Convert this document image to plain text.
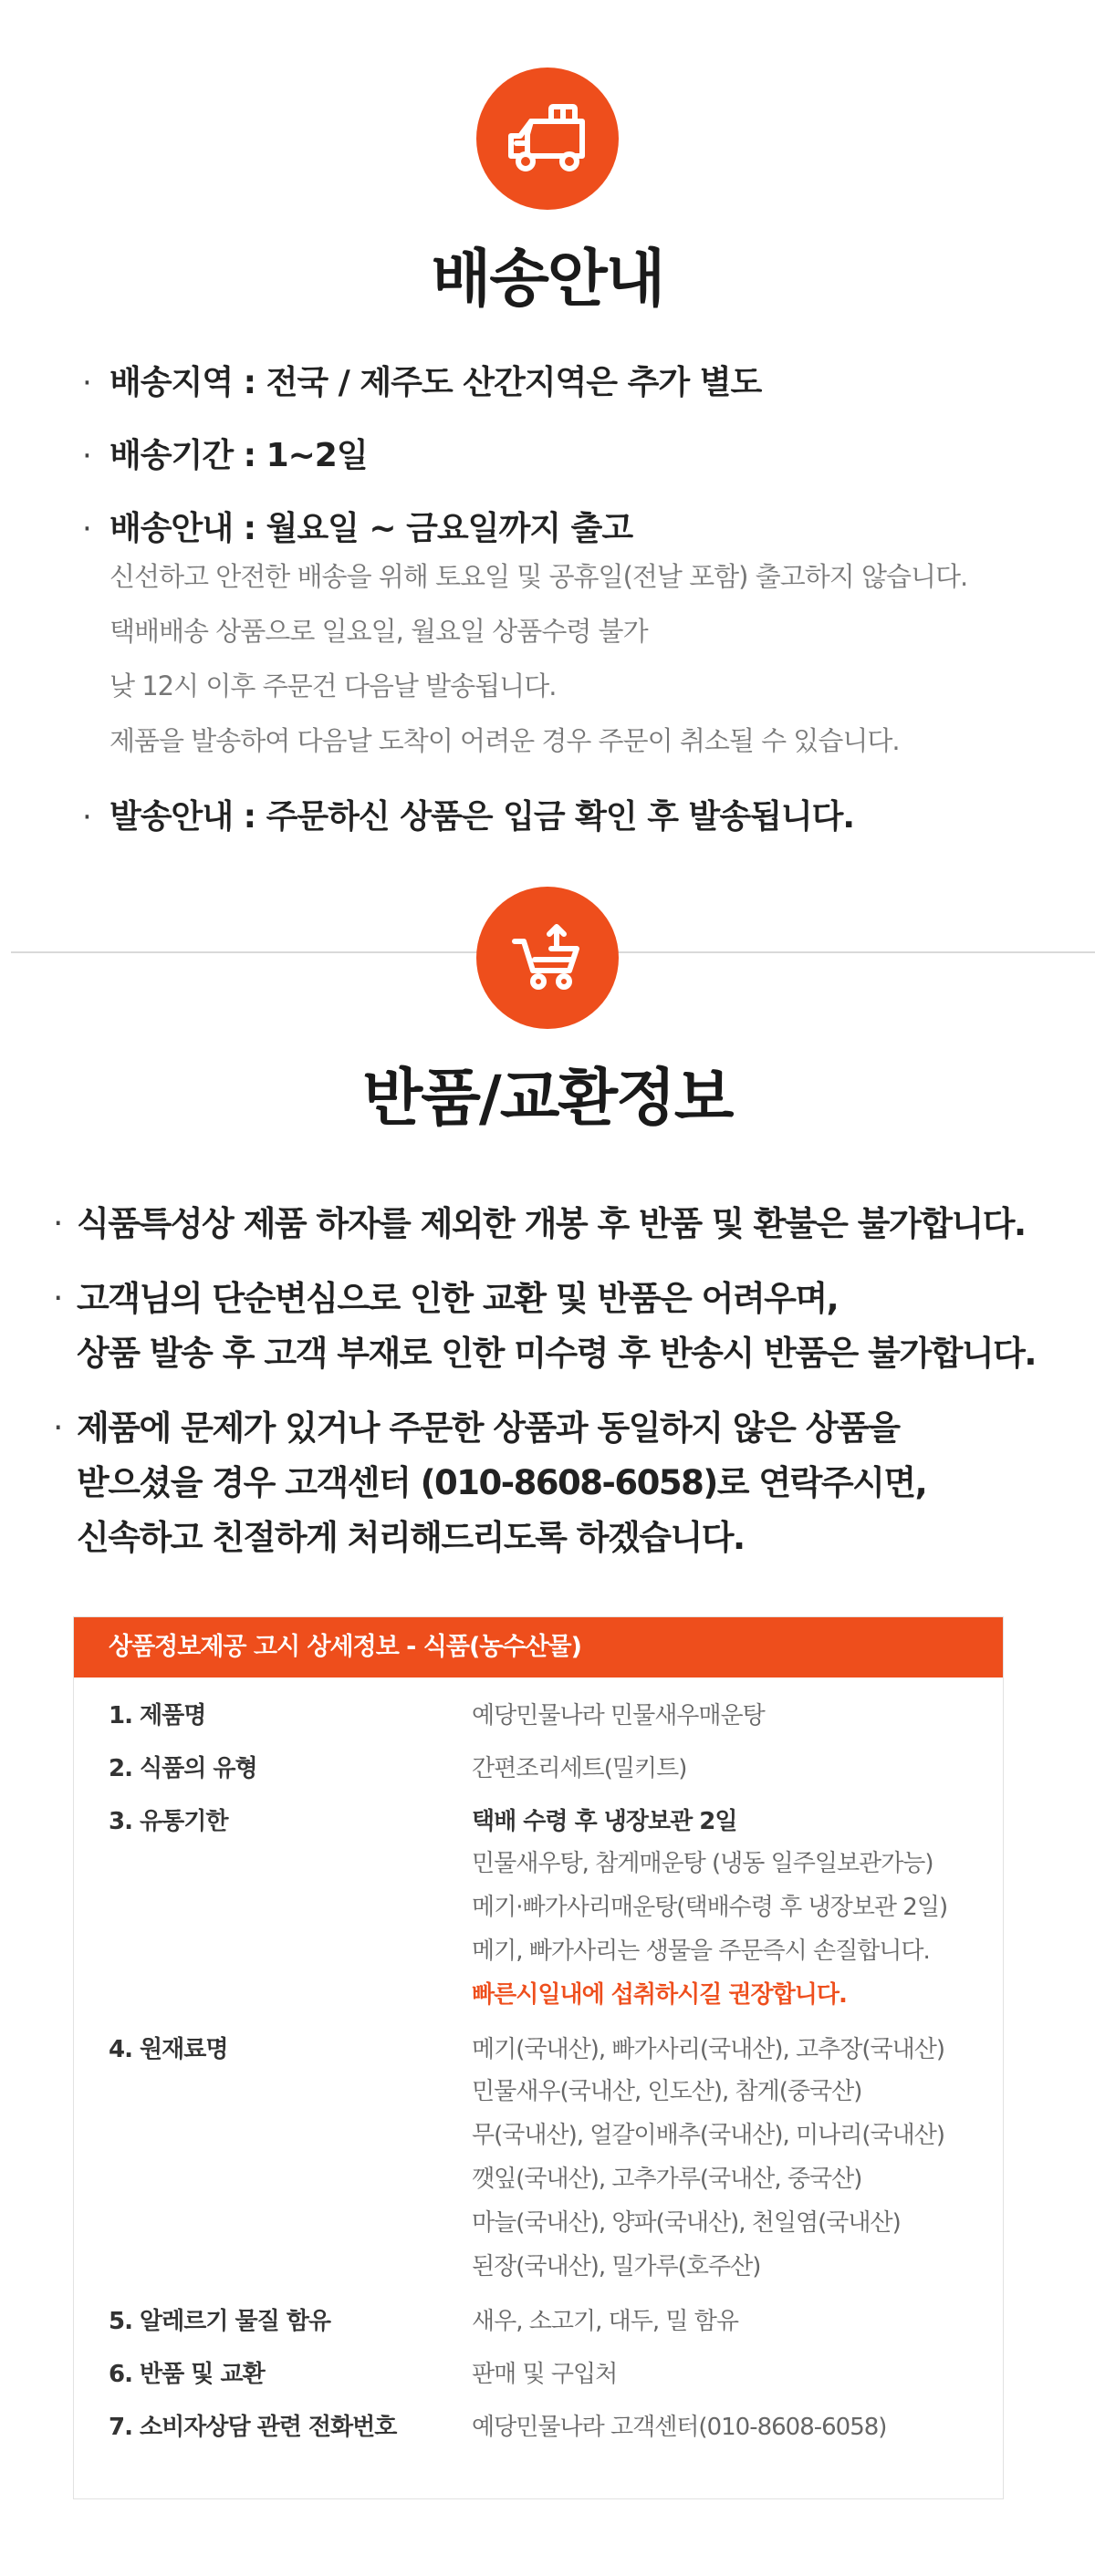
배송안내
· 배송지역 : 전국 / 제주도 산간지역은 추가 별도

· 배송기간 : 1~2일

· 배송안내 : 월요일 ~ 금요일까지 출고

신선하고 안전한 배송을 위해 토요일 및 공휴일(전날 포함) 출고하지 않습니다.

택배배송 상품으로 일요일, 월요일 상품수령 불가

낮 12시 이후 주문건 다음날 발송됩니다.

제품을 발송하여 다음날 도착이 어려운 경우 주문이 취소될 수 있습니다.

· 발송안내 : 주문하신 상품은 입금 확인 후 발송됩니다.

반품/교환정보
· 식품특성상 제품 하자를 제외한 개봉 후 반품 및 환불은 불가합니다.

· 고객님의 단순변심으로 인한 교환 및 반품은 어려우며,

상품 발송 후 고객 부재로 인한 미수령 후 반송시 반품은 불가합니다.

· 제품에 문제가 있거나 주문한 상품과 동일하지 않은 상품을

받으셨을 경우 고객센터 (010-8608-6058)로 연락주시면,

신속하고 친절하게 처리해드리도록 하겠습니다.

상품정보제공 고시 상세정보 - 식품(농수산물)
1. 제품명	예당민물나라 민물새우매운탕
2. 식품의 유형	간편조리세트(밀키트)
3. 유통기한	택배 수령 후 냉장보관 2일
민물새우탕, 참게매운탕 (냉동 일주일보관가능)
메기·빠가사리매운탕(택배수령 후 냉장보관 2일)
메기, 빠가사리는 생물을 주문즉시 손질합니다.
빠른시일내에 섭취하시길 권장합니다.
4. 원재료명	메기(국내산), 빠가사리(국내산), 고추장(국내산)
민물새우(국내산, 인도산), 참게(중국산)
무(국내산), 얼갈이배추(국내산), 미나리(국내산)
깻잎(국내산), 고추가루(국내산, 중국산)
마늘(국내산), 양파(국내산), 천일염(국내산)
된장(국내산), 밀가루(호주산)
5. 알레르기 물질 함유	새우, 소고기, 대두, 밀 함유
6. 반품 및 교환	판매 및 구입처
7. 소비자상담 관련 전화번호	예당민물나라 고객센터(010-8608-6058)
